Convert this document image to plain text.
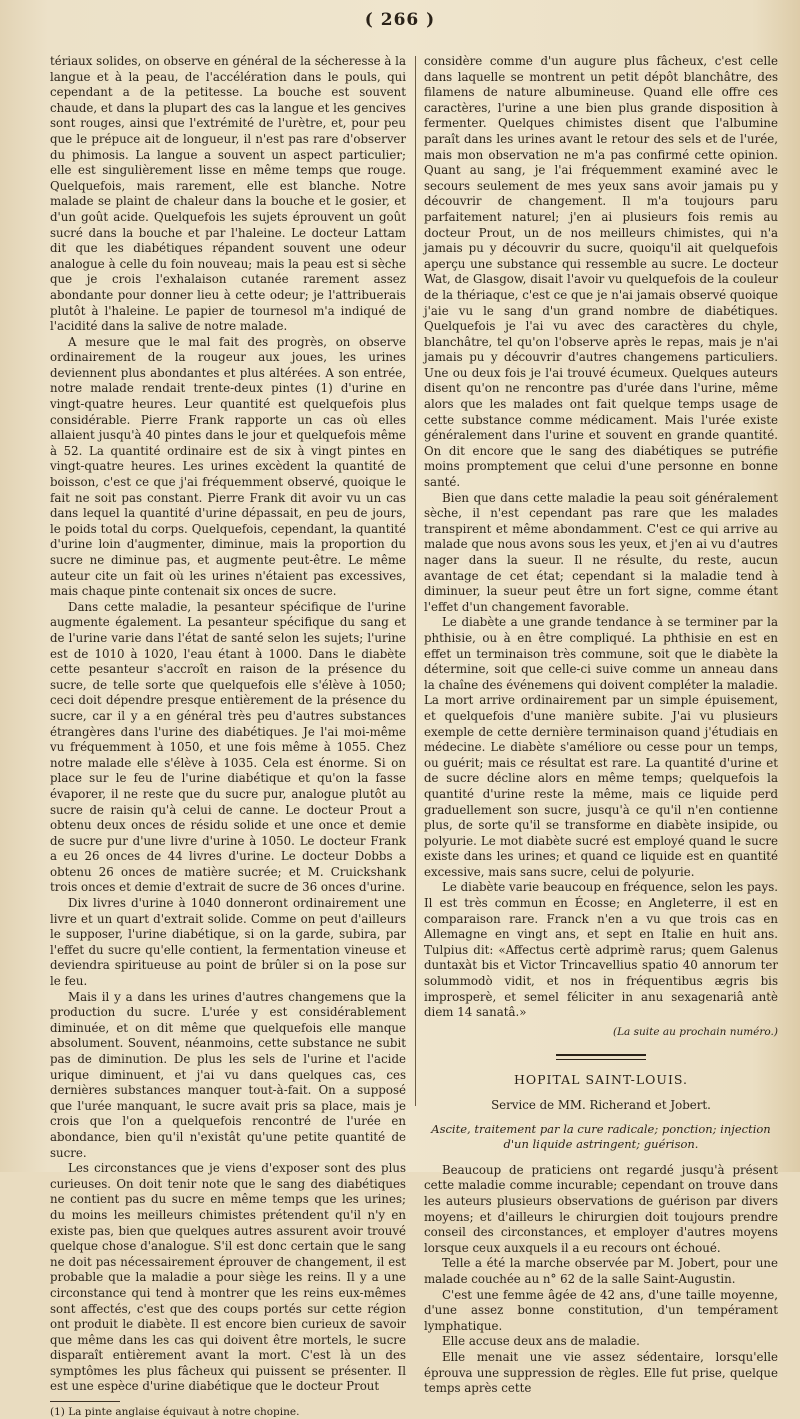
( 266 )

tériaux solides, on observe en général de la sécheresse à la langue et à la peau, de l'accélération dans le pouls, qui cependant a de la petitesse. La bouche est souvent chaude, et dans la plupart des cas la langue et les gencives sont rouges, ainsi que l'extrémité de l'urètre, et, pour peu que le prépuce ait de longueur, il n'est pas rare d'observer du phimosis. La langue a souvent un aspect particulier; elle est singulièrement lisse en même temps que rouge. Quelquefois, mais rarement, elle est blanche. Notre malade se plaint de chaleur dans la bouche et le gosier, et d'un goût acide. Quelquefois les sujets éprouvent un goût sucré dans la bouche et par l'haleine. Le docteur Lattam dit que les diabétiques répandent souvent une odeur analogue à celle du foin nouveau; mais la peau est si sèche que je crois l'exhalaison cutanée rarement assez abondante pour donner lieu à cette odeur; je l'attribuerais plutôt à l'haleine. Le papier de tournesol m'a indiqué de l'acidité dans la salive de notre malade.

A mesure que le mal fait des progrès, on observe ordinairement de la rougeur aux joues, les urines deviennent plus abondantes et plus altérées. A son entrée, notre malade rendait trente-deux pintes (1) d'urine en vingt-quatre heures. Leur quantité est quelquefois plus considérable. Pierre Frank rapporte un cas où elles allaient jusqu'à 40 pintes dans le jour et quelquefois même à 52. La quantité ordinaire est de six à vingt pintes en vingt-quatre heures. Les urines excèdent la quantité de boisson, c'est ce que j'ai fréquemment observé, quoique le fait ne soit pas constant. Pierre Frank dit avoir vu un cas dans lequel la quantité d'urine dépassait, en peu de jours, le poids total du corps. Quelquefois, cependant, la quantité d'urine loin d'augmenter, diminue, mais la proportion du sucre ne diminue pas, et augmente peut-être. Le même auteur cite un fait où les urines n'étaient pas excessives, mais chaque pinte contenait six onces de sucre.

Dans cette maladie, la pesanteur spécifique de l'urine augmente également. La pesanteur spécifique du sang et de l'urine varie dans l'état de santé selon les sujets; l'urine est de 1010 à 1020, l'eau étant à 1000. Dans le diabète cette pesanteur s'accroît en raison de la présence du sucre, de telle sorte que quelquefois elle s'élève à 1050; ceci doit dépendre presque entièrement de la présence du sucre, car il y a en général très peu d'autres substances étrangères dans l'urine des diabétiques. Je l'ai moi-même vu fréquemment à 1050, et une fois même à 1055. Chez notre malade elle s'élève à 1035. Cela est énorme. Si on place sur le feu de l'urine diabétique et qu'on la fasse évaporer, il ne reste que du sucre pur, analogue plutôt au sucre de raisin qu'à celui de canne. Le docteur Prout a obtenu deux onces de résidu solide et une once et demie de sucre pur d'une livre d'urine à 1050. Le docteur Frank a eu 26 onces de 44 livres d'urine. Le docteur Dobbs a obtenu 26 onces de matière sucrée; et M. Cruickshank trois onces et demie d'extrait de sucre de 36 onces d'urine.

Dix livres d'urine à 1040 donneront ordinairement une livre et un quart d'extrait solide. Comme on peut d'ailleurs le supposer, l'urine diabétique, si on la garde, subira, par l'effet du sucre qu'elle contient, la fermentation vineuse et deviendra spiritueuse au point de brûler si on la pose sur le feu.

Mais il y a dans les urines d'autres changemens que la production du sucre. L'urée y est considérablement diminuée, et on dit même que quelquefois elle manque absolument. Souvent, néanmoins, cette substance ne subit pas de diminution. De plus les sels de l'urine et l'acide urique diminuent, et j'ai vu dans quelques cas, ces dernières substances manquer tout-à-fait. On a supposé que l'urée manquant, le sucre avait pris sa place, mais je crois que l'on a quelquefois rencontré de l'urée en abondance, bien qu'il n'existât qu'une petite quantité de sucre.

Les circonstances que je viens d'exposer sont des plus curieuses. On doit tenir note que le sang des diabétiques ne contient pas du sucre en même temps que les urines; du moins les meilleurs chimistes prétendent qu'il n'y en existe pas, bien que quelques autres assurent avoir trouvé quelque chose d'analogue. S'il est donc certain que le sang ne doit pas nécessairement éprouver de changement, il est probable que la maladie a pour siège les reins. Il y a une circonstance qui tend à montrer que les reins eux-mêmes sont affectés, c'est que des coups portés sur cette région ont produit le diabète. Il est encore bien curieux de savoir que même dans les cas qui doivent être mortels, le sucre disparaît entièrement avant la mort. C'est là un des symptômes les plus fâcheux qui puissent se présenter. Il est une espèce d'urine diabétique que le docteur Prout

(1) La pinte anglaise équivaut à notre chopine.

considère comme d'un augure plus fâcheux, c'est celle dans laquelle se montrent un petit dépôt blanchâtre, des filamens de nature albumineuse. Quand elle offre ces caractères, l'urine a une bien plus grande disposition à fermenter. Quelques chimistes disent que l'albumine paraît dans les urines avant le retour des sels et de l'urée, mais mon observation ne m'a pas confirmé cette opinion. Quant au sang, je l'ai fréquemment examiné avec le secours seulement de mes yeux sans avoir jamais pu y découvrir de changement. Il m'a toujours paru parfaitement naturel; j'en ai plusieurs fois remis au docteur Prout, un de nos meilleurs chimistes, qui n'a jamais pu y découvrir du sucre, quoiqu'il ait quelquefois aperçu une substance qui ressemble au sucre. Le docteur Wat, de Glasgow, disait l'avoir vu quelquefois de la couleur de la thériaque, c'est ce que je n'ai jamais observé quoique j'aie vu le sang d'un grand nombre de diabétiques. Quelquefois je l'ai vu avec des caractères du chyle, blanchâtre, tel qu'on l'observe après le repas, mais je n'ai jamais pu y découvrir d'autres changemens particuliers. Une ou deux fois je l'ai trouvé écumeux. Quelques auteurs disent qu'on ne rencontre pas d'urée dans l'urine, même alors que les malades ont fait quelque temps usage de cette substance comme médicament. Mais l'urée existe généralement dans l'urine et souvent en grande quantité. On dit encore que le sang des diabétiques se putréfie moins promptement que celui d'une personne en bonne santé.

Bien que dans cette maladie la peau soit généralement sèche, il n'est cependant pas rare que les malades transpirent et même abondamment. C'est ce qui arrive au malade que nous avons sous les yeux, et j'en ai vu d'autres nager dans la sueur. Il ne résulte, du reste, aucun avantage de cet état; cependant si la maladie tend à diminuer, la sueur peut être un fort signe, comme étant l'effet d'un changement favorable.

Le diabète a une grande tendance à se terminer par la phthisie, ou à en être compliqué. La phthisie en est en effet un terminaison très commune, soit que le diabète la détermine, soit que celle-ci suive comme un anneau dans la chaîne des événemens qui doivent compléter la maladie. La mort arrive ordinairement par un simple épuisement, et quelquefois d'une manière subite. J'ai vu plusieurs exemple de cette dernière terminaison quand j'étudiais en médecine. Le diabète s'améliore ou cesse pour un temps, ou guérit; mais ce résultat est rare. La quantité d'urine et de sucre décline alors en même temps; quelquefois la quantité d'urine reste la même, mais ce liquide perd graduellement son sucre, jusqu'à ce qu'il n'en contienne plus, de sorte qu'il se transforme en diabète insipide, ou polyurie. Le mot diabète sucré est employé quand le sucre existe dans les urines; et quand ce liquide est en quantité excessive, mais sans sucre, celui de polyurie.

Le diabète varie beaucoup en fréquence, selon les pays. Il est très commun en Écosse; en Angleterre, il est en comparaison rare. Franck n'en a vu que trois cas en Allemagne en vingt ans, et sept en Italie en huit ans. Tulpius dit: «Affectus certè adprimè rarus; quem Galenus duntaxàt bis et Victor Trincavellius spatio 40 annorum ter solummodò vidit, et nos in fréquentibus ægris bis improsperè, et semel féliciter in anu sexagenariâ antè diem 14 sanatâ.»

(La suite au prochain numéro.)

HOPITAL SAINT-LOUIS.

Service de MM. Richerand et Jobert.

Ascite, traitement par la cure radicale; ponction; injection d'un liquide astringent; guérison.

Beaucoup de praticiens ont regardé jusqu'à présent cette maladie comme incurable; cependant on trouve dans les auteurs plusieurs observations de guérison par divers moyens; et d'ailleurs le chirurgien doit toujours prendre conseil des circonstances, et employer d'autres moyens lorsque ceux auxquels il a eu recours ont échoué.

Telle a été la marche observée par M. Jobert, pour une malade couchée au n° 62 de la salle Saint-Augustin.

C'est une femme âgée de 42 ans, d'une taille moyenne, d'une assez bonne constitution, d'un tempérament lymphatique.

Elle accuse deux ans de maladie.

Elle menait une vie assez sédentaire, lorsqu'elle éprouva une suppression de règles. Elle fut prise, quelque temps après cette
